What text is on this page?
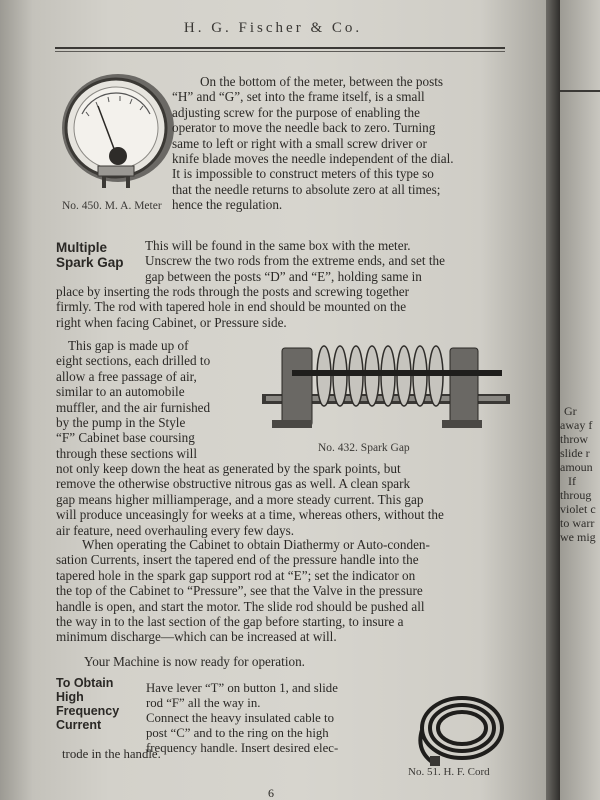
H. G. Fischer & Co.
No. 450. M. A. Meter
On the bottom of the meter, between the posts
“H” and “G”, set into the frame itself, is a small
adjusting screw for the purpose of enabling the
operator to move the needle back to zero. Turning
same to left or right with a small screw driver or
knife blade moves the needle independent of the dial.
It is impossible to construct meters of this type so
that the needle returns to absolute zero at all times;
hence the regulation.
Multiple
Spark Gap
This will be found in the same box with the meter.
Unscrew the two rods from the extreme ends, and set the
gap between the posts “D” and “E”, holding same in
place by inserting the rods through the posts and screwing together
firmly. The rod with tapered hole in end should be mounted on the
right when facing Cabinet, or Pressure side.
This gap is made up of
eight sections, each drilled to
allow a free passage of air,
similar to an automobile
muffler, and the air furnished
by the pump in the Style
“F” Cabinet base coursing
through these sections will	No. 432. Spark Gap
not only keep down the heat as generated by the spark points, but
remove the otherwise obstructive nitrous gas as well. A clean spark
gap means higher milliamperage, and a more steady current. This gap
will produce unceasingly for weeks at a time, whereas others, without the
air feature, need overhauling every few days.
When operating the Cabinet to obtain Diathermy or Auto-conden-
sation Currents, insert the tapered end of the pressure handle into the
tapered hole in the spark gap support rod at “E”; set the indicator on
the top of the Cabinet to “Pressure”, see that the Valve in the pressure
handle is open, and start the motor. The slide rod should be pushed all
the way in to the last section of the gap before starting, to insure a
minimum discharge—which can be increased at will.
Your Machine is now ready for operation.
To Obtain
High
Frequency
Current
Have lever “T” on button 1, and slide
rod “F” all the way in.
Connect the heavy insulated cable to
post “C” and to the ring on the high
frequency handle. Insert desired elec-
trode in the handle.
No. 51. H. F. Cord
6
Gr
away f
throw
slide r
amoun
If
throug
violet c
to warr
we mig
